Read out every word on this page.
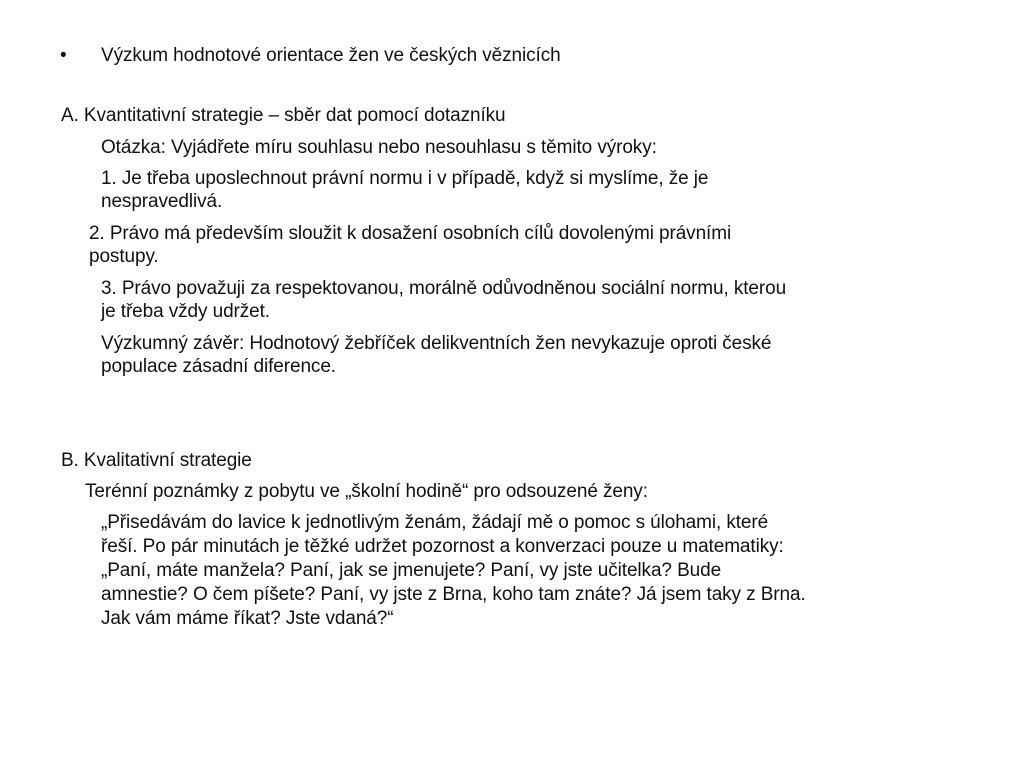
• Výzkum hodnotové orientace žen ve českých věznicích
A. Kvantitativní strategie – sběr dat pomocí dotazníku
Otázka: Vyjádřete míru souhlasu nebo nesouhlasu s těmito výroky:
1. Je třeba uposlechnout právní normu i v případě, když si myslíme, že je
nespravedlivá.
2. Právo má především sloužit k dosažení osobních cílů dovolenými právními
postupy.
3. Právo považuji za respektovanou, morálně odůvodněnou sociální normu, kterou
je třeba vždy udržet.
Výzkumný závěr: Hodnotový žebříček delikventních žen nevykazuje oproti české
populace zásadní diference.
B. Kvalitativní strategie
Terénní poznámky z pobytu ve „školní hodině“ pro odsouzené ženy:
„Přisedávám do lavice k jednotlivým ženám, žádají mě o pomoc s úlohami, které
řeší. Po pár minutách je těžké udržet pozornost a konverzaci pouze u matematiky:
„Paní, máte manžela? Paní, jak se jmenujete? Paní, vy jste učitelka? Bude
amnestie? O čem píšete? Paní, vy jste z Brna, koho tam znáte? Já jsem taky z Brna.
Jak vám máme říkat? Jste vdaná?“
